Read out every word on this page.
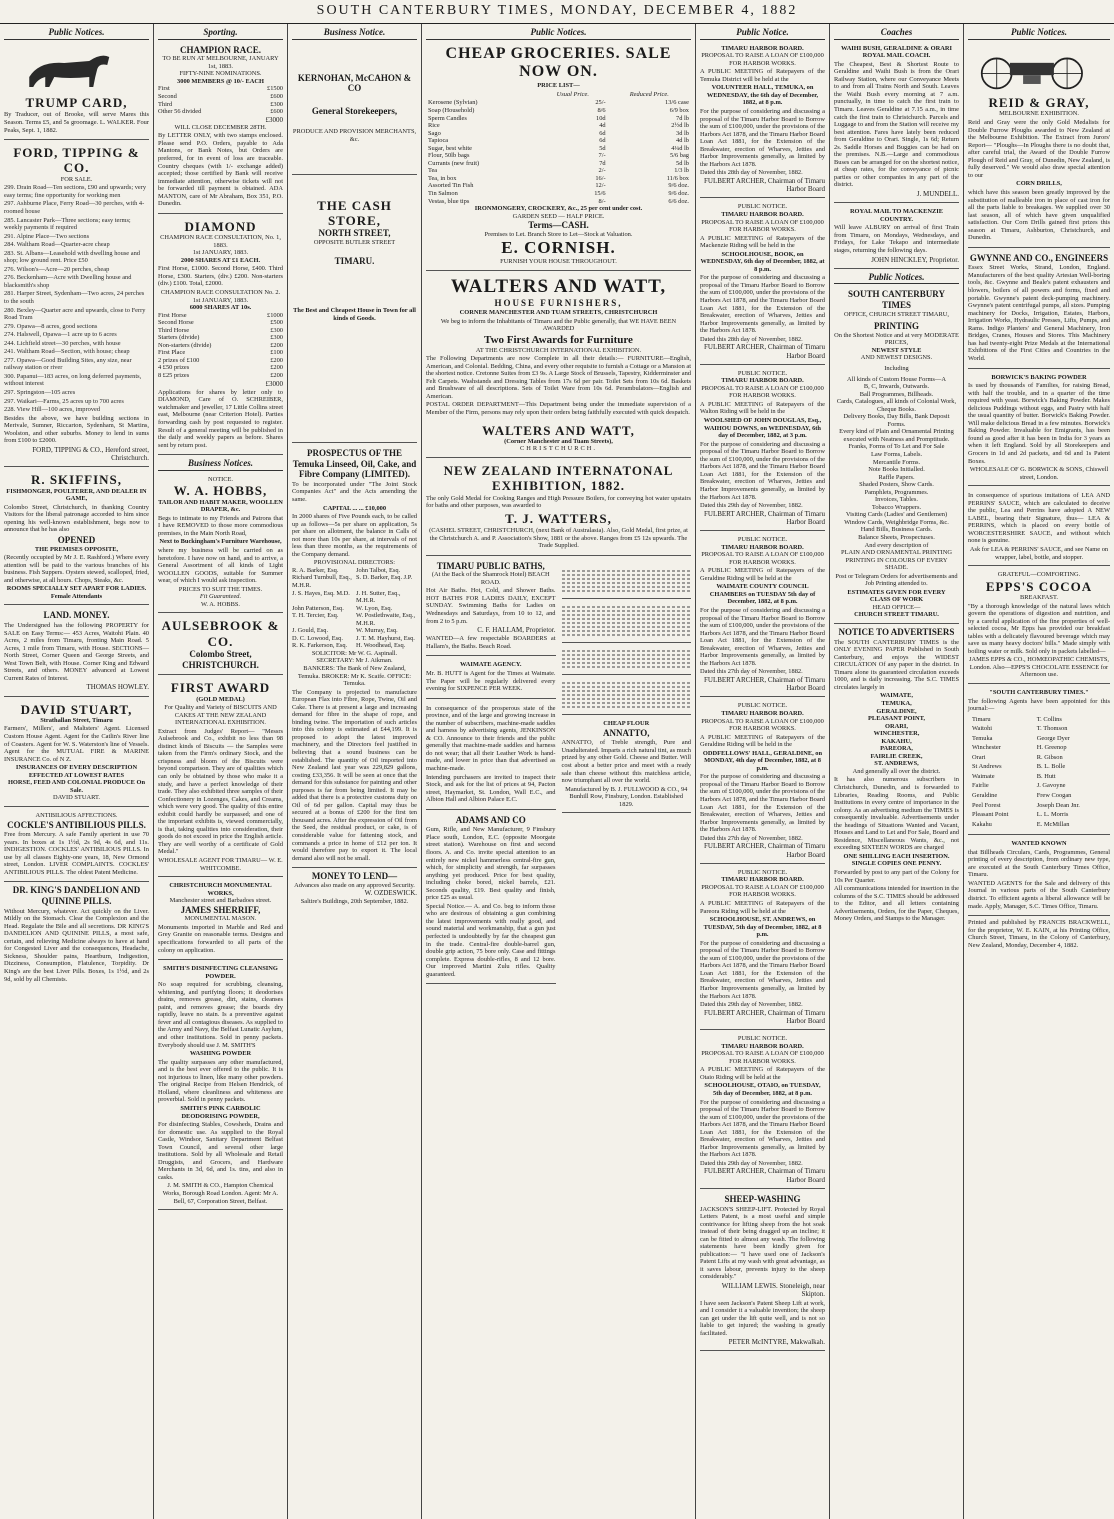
SOUTH CANTERBURY TIMES, MONDAY, DECEMBER 4, 1882
Public Notices.
TRUMP CARD,

By Traducer, out of Brooke, will serve Mares this Season. Terms £5, and 5s groomage. L. WALKER. Four Peaks, Sept. 1, 1882.

FORD, TIPPING & CO.
FOR SALE.
299. Drain Road—Ten sections, £90 and upwards; very easy terms; fine opportunity for working men
297. Ashburne Place, Ferry Road—30 perches, with 4-roomed house
285. Lancaster Park—Three sections; easy terms; weekly payments if required
291. Alpine Place—Two sections
284. Waltham Road—Quarter-acre cheap
283. St. Albans—Leasehold with dwelling house and shop; low ground rent. Price £50
276. Wilson's—Acre—20 perches, cheap
276. Beckenham—Acre with Dwelling house and blacksmith's shop
281. Harper Street, Sydenham—Two acres, 24 perches to the south
280. Bexley—Quarter acre and upwards, close to Ferry Road Tram
279. Opawa—8 acres, good sections
274. Halswell, Opawa—1 acre up to 6 acres
244. Lichfield street—30 perches, with house
241. Waltham Road—Section, with house; cheap
277. Opawa—Good Building Sites, any size, near railway station or river
300. Papanui—183 acres, on long deferred payments, without interest
297. Springston—105 acres
297. Waikari—Farms, 25 acres up to 700 acres
228. View Hill—100 acres, improved

Besides the above, we have building sections in Merivale, Sumner, Riccarton, Sydenham, St Martins, Woolston, and other suburbs. Money to lend in sums from £100 to £2000.

FORD, TIPPING & CO., Hereford street, Christchurch.
R. SKIFFINS,
FISHMONGER, POULTERER, AND DEALER IN GAME,

Colombo Street, Christchurch, in thanking Country Visitors for the liberal patronage accorded to him since opening his well-known establishment, begs now to announce that he has also

OPENED
THE PREMISES OPPOSITE,

(Recently occupied by Mr J. E. Rashford.) Where every attention will be paid to the various branches of his business. Fish Suppers. Oysters stewed, scalloped, fried, and otherwise, at all hours. Chops, Steaks, &c.

ROOMS SPECIALLY SET APART FOR LADIES. Female Attendants
LAND. MONEY.

The Undersigned has the following PROPERTY for SALE on Easy Terms:— 453 Acres, Waitohi Plain. 40 Acres, 2 miles from Timaru, fronting Main Road. 5 Acres, 1 mile from Timaru, with House. SECTIONS—North Street, Corner Queen and George Streets, and West Town Belt, with House. Corner King and Edward Streets, and others. MONEY advanced at Lowest Current Rates of Interest.

THOMAS HOWLEY.
DAVID STUART,
Strathallan Street, Timaru

Farmers', Millers', and Maltsters' Agent. Licensed Custom House Agent. Agent for the Catlin's River line of Coasters. Agent for W. S. Waterston's line of Vessels. Agent for the MUTUAL FIRE & MARINE INSURANCE Co. of N Z.

INSURANCES OF EVERY DESCRIPTION EFFECTED AT LOWEST RATES
HORSE, FEED AND COLONIAL PRODUCE On Sale.
DAVID STUART.
ANTIBILIOUS AFFECTIONS.
COCKLE'S ANTIBILIOUS PILLS.

Free from Mercury. A safe Family aperient in use 70 years. In boxes at 1s 1½d, 2s 9d, 4s 6d, and 11s. INDIGESTION. COCKLES' ANTIBILIOUS PILLS. In use by all classes Eighty-one years, 18, New Ormond street, London. LIVER COMPLAINTS. COCKLES' ANTIBILIOUS PILLS. The oldest Patent Medicine.

DR. KING'S DANDELION AND QUININE PILLS.

Without Mercury, whatever. Act quickly on the Liver. Mildly on the Stomach. Clear the Complexion and the Head. Regulate the Bile and all secretions. DR KING'S DANDELION AND QUININE PILLS, a most safe, certain, and relieving Medicine always to have at hand for Congested Liver and the consequences, Headache, Sickness, Shoulder pains, Heartburn, Indigestion, Dizziness, Consumption, Flatulence, Torpidity. Dr King's are the best Liver Pills. Boxes, 1s 1½d, and 2s 9d, sold by all Chemists.

Sporting.
CHAMPION RACE.
TO BE RUN AT MELBOURNE, JANUARY 1st, 1883.
FIFTY-NINE NOMINATIONS.
3000 MEMBERS @ 10/- EACH
First	£1500
Second	£600
Third	£300
Other 56 divided	£600
£3000
WILL CLOSE DECEMBER 28TH.

By LETTER ONLY, with two stamps enclosed. Please send P.O. Orders, payable to Ada Mantons, or Bank Notes, but Orders are preferred, for in event of loss are traceable. Country cheques (with 1/- exchange added) accepted; those certified by Bank will receive immediate attention, otherwise tickets will not be forwarded till payment is obtained. ADA MANTON, care of Mr Abraham, Box 351, P.O. Dunedin.

DIAMOND
CHAMPION RACE CONSULTATION, No. 1, 1883.
1st JANUARY, 1883.
2000 SHARES AT £1 EACH.

First Horse, £1000. Second Horse, £400. Third Horse, £300. Starters, (div.) £200. Non-starters (div.) £100. Total, £2000.

CHAMPION RACE CONSULTATION No. 2.
1st JANUARY, 1883.
6000 SHARES AT 10s.
First Horse	£1000
Second Horse	£500
Third Horse	£300
Starters (divide)	£300
Non-starters (divide)	£200
First Place	£100
2 prizes of £100	£200
4 £50 prizes	£200
8 £25 prizes	£200
£3000

Applications for shares by letter only to DIAMOND, Care of O. SCHREIBER, watchmaker and jeweller, 17 Little Collins street east, Melbourne (near Criterion Hotel). Parties forwarding cash by post requested to register. Result of a general meeting will be published in the daily and weekly papers as before. Shares sent by return post.

Business Notices.
NOTICE.
W. A. HOBBS,
TAILOR AND HABIT MAKER, WOOLLEN DRAPER, &c.

Begs to intimate to my Friends and Patrons that I have REMOVED to those more commodious premises, in the Main North Road,

Next to Buckingham's Furniture Warehouse,

where my business will be carried on as heretofore. I have now on hand, and to arrive, a General Assortment of all kinds of Light WOOLLEN GOODS, suitable for Summer wear, of which I would ask inspection.

PRICES TO SUIT THE TIMES.
Fit Guaranteed.
W. A. HOBBS.
AULSEBROOK & CO.
Colombo Street,
CHRISTCHURCH.
FIRST AWARD
(GOLD MEDAL)

For Quality and Variety of BISCUITS AND CAKES AT THE NEW ZEALAND INTERNATIONAL EXHIBITION.

Extract from Judges' Report— "Messrs Aulsebrook and Co., exhibit no less than 98 distinct kinds of Biscuits — the Samples were taken from the Firm's ordinary Stock, and the crispness and bloom of the Biscuits were beyond comparison. They are of qualities which can only be obtained by those who make it a study, and have a perfect knowledge of their trade. They also exhibited three samples of their Confectionery in Lozenges, Cakes, and Creams, which were very good. The quality of this entire exhibit could hardly be surpassed; and one of the important exhibits is, viewed commercially, is that, taking qualities into consideration, their goods do not exceed in price the English article. They are well worthy of a certificate of Gold Medal."

WHOLESALE AGENT FOR TIMARU— W. E. WHITCOMBE.
CHRISTCHURCH MONUMENTAL WORKS,
Manchester street and Barbadoes street.
JAMES SHERRIFF,
MONUMENTAL MASON.

Monuments imported in Marble and Red and Grey Granite on reasonable terms. Designs and specifications forwarded to all parts of the colony on application.

SMITH'S DISINFECTING CLEANSING POWDER.

No soap required for scrubbing, cleansing, whitening, and purifying floors; it deodorises drains, removes grease, dirt, stains, cleanses paint, and removes grease; the boards dry rapidly, leave no stain. Is a preventive against fever and all contagious diseases. As supplied to the Army and Navy, the Belfast Lunatic Asylum, and other institutions. Sold in penny packets. Everybody should use J. M. SMITH'S

WASHING POWDER

The quality surpasses any other manufactured, and is the best ever offered to the public. It is not injurious to linen, like many other powders. The original Recipe from Helsen Hendrick, of Holland, where cleanliness and whiteness are proverbial. Sold in penny packets.

SMITH'S PINK CARBOLIC DEODORISING POWDER,

For disinfecting Stables, Cowsheds, Drains and for domestic use. As supplied to the Royal Castle, Windsor, Sanitary Department Belfast Town Council, and several other large institutions. Sold by all Wholesale and Retail Druggists, and Grocers, and Hardware Merchants in 3d, 6d, and 1s. tins, and also in casks.

J. M. SMITH & CO., Hampton Chemical Works, Borough Road London. Agent: Mr A. Bell, 67, Corporation Street, Belfast.
Business Notice.
KERNOHAN, McCAHON & CO
General Storekeepers,
PRODUCE AND PROVISION MERCHANTS, &c.
THE CASH STORE,
NORTH STREET,
OPPOSITE BUTLER STREET
TIMARU.
The Best and Cheapest House in Town for all kinds of Goods.
PROSPECTUS OF THE Temuka Linseed, Oil, Cake, and Fibre Company (LIMITED).

To be incorporated under "The Joint Stock Companies Act" and the Acts amending the same.

CAPITAL ... ... £10,000

In 2000 shares of Five Pounds each, to be called up as follows—5s per share on application, 5s per share on allotment, the balance in Calls of not more than 10s per share, at intervals of not less than three months, as the requirements of the Company demand.

PROVISIONAL DIRECTORS:
R. A. Barker, Esq.	John Talbot, Esq.
Richard Turnbull, Esq., M.H.R.
S. D. Barker, Esq. J.P.
J. S. Hayes, Esq. M.D. J. H. Sutter, Esq., M.H.R.
John Patterson, Esq.	W. Lyon, Esq.
T. H. Tercier, Esq.	W. Postlethwaite, Esq., M.H.R.
J. Gould, Esq.	W. Murray, Esq.
D. C. Lowood, Esq.	J. T. M. Hayhurst, Esq.
R. K. Farkerson, Esq.	H. Woodhead, Esq.
SOLICITOR: Mr W. G. Aspinall.
SECRETARY: Mr J. Aikman.
BANKERS: The Bank of New Zealand, Temuka. BROKER: Mr K. Scaife. OFFICE: Temuka.

The Company is projected to manufacture European Flax into Fibre, Rope, Twine, Oil and Cake. There is at present a large and increasing demand for fibre in the shape of rope, and binding twine. The importation of such articles into this colony is estimated at £44,199. It is proposed to adopt the latest improved machinery, and the Directors feel justified in believing that a sound business can be established. The quantity of Oil imported into New Zealand last year was 229,829 gallons, costing £33,356. It will be seen at once that the demand for this substance for painting and other purposes is far from being limited. It may be added that there is a protective customs duty on Oil of 6d per gallon. Capital may thus be secured at a bonus of £200 for the first ten thousand acres. After the expression of Oil from the Seed, the residual product, or cake, is of considerable value for fattening stock, and commands a price in home of £12 per ton. It would therefore pay to export it. The local demand also will not be small.

MONEY TO LEND—
Advances also made on any approved Security.
W. OZDESWICK.
Saltire's Buildings, 20th September, 1882.
Public Notices.
CHEAP GROCERIES. SALE NOW ON.
PRICE LIST—
	Usual Price.	Reduced Price.
Kerosene (Sylvian)	25/-	13/6 case
Soap (Household)	8/6	6/9 box
Sperm Candles	10d	7d lb
Rice	4d	2½d lb
Sago	6d	3d lb
Tapioca	6d	4d lb
Sugar, best white	5d	4¼d lb
Flour, 50lb bags	7/-	5/6 bag
Currants (new fruit)	7d	5d lb
Tea	2/-	1/3 lb
Tea, in box	16/-	11/6 box
Assorted Tin Fish	12/-	9/6 doz.
Tin Salmon	15/6	9/6 doz.
Vestas, blue tips	8/-	6/6 doz.
IRONMONGERY, CROCKERY, &c., 25 per cent under cost.
GARDEN SEED — HALF PRICE.
Terms—CASH.
Premises to Let. Branch Store to Let—Stock at Valuation.
E. CORNISH.
FURNISH YOUR HOUSE THROUGHOUT.
WALTERS AND WATT,
HOUSE FURNISHERS,
CORNER MANCHESTER AND TUAM STREETS, CHRISTCHURCH

We beg to inform the Inhabitants of Timaru and the Public generally, that WE HAVE BEEN AWARDED

Two First Awards for Furniture
AT THE CHRISTCHURCH INTERNATIONAL EXHIBITION.

The Following Departments are now Complete in all their details:— FURNITURE—English, American, and Colonial. Bedding, China, and every other requisite to furnish a Cottage or a Mansion at the shortest notice. Cretonne Suites from £3 9s. A Large Stock of Brussels, Tapestry, Kidderminster and Felt Carpets. Washstands and Dressing Tables from 17s 6d per pair. Toilet Sets from 10s 6d. Baskets and Brushware of all descriptions. Sets of Toilet Ware from 10s 6d. Perambulators—English and American.

POSTAL ORDER DEPARTMENT—This Department being under the immediate supervision of a Member of the Firm, persons may rely upon their orders being faithfully executed with quick despatch.

WALTERS AND WATT,
(Corner Manchester and Tuam Streets),
CHRISTCHURCH.
NEW ZEALAND INTERNATONAL EXHIBITION, 1882.

The only Gold Medal for Cooking Ranges and High Pressure Boilers, for conveying hot water upstairs for baths and other purposes, was awarded to

T. J. WATTERS,

(CASHEL STREET, CHRISTCHURCH, (next Bank of Australasia). Also, Gold Medal, first prize, at the Christchurch A. and P. Association's Show, 1881 or the above. Ranges from £5 12s upwards. The Trade Supplied.

TIMARU PUBLIC BATHS,
(At the Back of the Shamrock Hotel) BEACH ROAD.

Hot Air Baths. Hot, Cold, and Shower Baths. HOT BATHS FOR LADIES DAILY, EXCEPT SUNDAY. Swimming Baths for Ladies on Wednesdays and Saturdays, from 10 to 12, and from 2 to 5 p.m.

C. F. HALLAM, Proprietor.

WANTED—A few respectable BOARDERS at Hallam's, the Baths. Beach Road.

WAIMATE AGENCY.

Mr. B. HUTT is Agent for the Times at Waimate. The Paper will be regularly delivered every evening for SIXPENCE PER WEEK.

In consequence of the prosperous state of the province, and of the large and growing increase in the number of subscribers, machine-made saddles and harness by advertising agents, JENKINSON & CO. Announce to their friends and the public generally that machine-made saddles and harness do not wear; that all their Leather Work is hand-made, and lower in price than that advertised as machine-made.

Intending purchasers are invited to inspect their Stock, and ask for the list of prices at 94, Pacton street, Haymarket, St. London, Wall E.C., and Albion Hall and Albion Palace E.C.

ADAMS AND CO

Gum, Rifle, and New Manufacturer, 9 Finsbury Place south, London, E.C. (opposite Moorgate street station). Warehouse on first and second floors. A. and Co. invite special attention to an entirely new nickel hammerless central-fire gun, which, for simplicity and strength, far surpasses anything yet produced. Price for best quality, including choke bored, nickel barrels, £21. Seconds quality, £19. Best quality and finish, price £25 as usual.

Special Notice.— A. and Co. beg to inform those who are desirous of obtaining a gun combining the latest improvements with really good, and sound material and workmanship, that a gun just perfected is undoubtedly by far the cheapest gun in the trade. Central-fire double-barrel gun, double grip action, 75 bore only. Case and fittings complete. Express double-rifles, 8 and 12 bore. Our improved Martini Zulu rifles. Quality guaranteed.

CHEAP FLOUR
ANNATTO,

ANNATTO, of Treble strength, Pure and Unadulterated. Imparts a rich natural tint, as much prized by any other Gold. Cheese and Butter. Will cost about a better price and meet with a ready sale than cheese without this matchless article, now triumphant all over the world.

Manufactured by B. J. FULLWOOD & CO., 94 Bunhill Row, Finsbury, London. Established 1829.
Public Notice.
TIMARU HARBOR BOARD.
PROPOSAL TO RAISE A LOAN OF £100,000 FOR HARBOR WORKS.

A PUBLIC MEETING of Ratepayers of the Temuka District will be held at the

VOLUNTEER HALL, TEMUKA, on WEDNESDAY, the 6th day of December, 1882, at 8 p.m.

For the purpose of considering and discussing a proposal of the Timaru Harbor Board to Borrow the sum of £100,000, under the provisions of the Harbors Act 1878, and the Timaru Harbor Board Loan Act 1881, for the Extension of the Breakwater, erection of Wharves, Jetties and Harbor Improvements generally, as limited by the Harbors Act 1878.

Dated this 28th day of November, 1882.
FULBERT ARCHER, Chairman of Timaru Harbor Board
PUBLIC NOTICE.
TIMARU HARBOR BOARD.
PROPOSAL TO RAISE A LOAN OF £100,000 FOR HARBOR WORKS.

A PUBLIC MEETING of Ratepayers of the Mackenzie Riding will be held in the

SCHOOLHOUSE, BOOK, on WEDNESDAY, 6th day of December, 1882, at 8 p.m.

For the purpose of considering and discussing a proposal of the Timaru Harbor Board to Borrow the sum of £100,000, under the provisions of the Harbors Act 1878, and the Timaru Harbor Board Loan Act 1881, for the Extension of the Breakwater, erection of Wharves, Jetties and Harbor Improvements generally, as limited by the Harbors Act 1878.

Dated this 28th day of November, 1882.
FULBERT ARCHER, Chairman of Timaru Harbor Board
PUBLIC NOTICE.
TIMARU HARBOR BOARD.
PROPOSAL TO RAISE A LOAN OF £100,000 FOR HARBOR WORKS.

A PUBLIC MEETING of Ratepayers of the Walton Riding will be held in the

WOOLSHED OF JOHN DOUGLAS, Esq., WAIHOU DOWNS, on WEDNESDAY, 6th day of December, 1882, at 3 p.m.

For the purpose of considering and discussing a proposal of the Timaru Harbor Board to Borrow the sum of £100,000, under the provisions of the Harbors Act 1878, and the Timaru Harbor Board Loan Act 1881, for the Extension of the Breakwater, erection of Wharves, Jetties and Harbor Improvements generally, as limited by the Harbors Act 1878.

Dated this 29th day of November, 1882.
FULBERT ARCHER, Chairman of Timaru Harbor Board
PUBLIC NOTICE.
TIMARU HARBOR BOARD.
PROPOSAL TO RAISE A LOAN OF £100,000 FOR HARBOR WORKS.

A PUBLIC MEETING of Ratepayers of the Geraldine Riding will be held at the

WAIMATE COUNTY COUNCIL CHAMBERS on TUESDAY 5th day of December, 1882, at 8 p.m.

For the purpose of considering and discussing a proposal of the Timaru Harbor Board to Borrow the sum of £100,000, under the provisions of the Harbors Act 1878, and the Timaru Harbor Board Loan Act 1881, for the Extension of the Breakwater, erection of Wharves, Jetties and Harbor Improvements generally, as limited by the Harbors Act 1878.

Dated this 27th day of November, 1882.
FULBERT ARCHER, Chairman of Timaru Harbor Board
PUBLIC NOTICE.
TIMARU HARBOR BOARD.
PROPOSAL TO RAISE A LOAN OF £100,000 FOR HARBOR WORKS.

A PUBLIC MEETING of Ratepayers of the Geraldine Riding will be held in the

ODDFELLOWS' HALL, GERALDINE, on MONDAY, 4th day of December, 1882, at 8 p.m.

For the purpose of considering and discussing a proposal of the Timaru Harbor Board to Borrow the sum of £100,000, under the provisions of the Harbors Act 1878, and the Timaru Harbor Board Loan Act 1881, for the Extension of the Breakwater, erection of Wharves, Jetties and Harbor Improvements generally, as limited by the Harbors Act 1878.

Dated this 27th day of November, 1882.
FULBERT ARCHER, Chairman of Timaru Harbor Board
PUBLIC NOTICE.
TIMARU HARBOR BOARD.
PROPOSAL TO RAISE A LOAN OF £100,000 FOR HARBOR WORKS.

A PUBLIC MEETING of Ratepayers of the Pareora Riding will be held at the

SCHOOLHOUSE, ST. ANDREWS, on TUESDAY, 5th day of December, 1882, at 8 p.m.

For the purpose of considering and discussing a proposal of the Timaru Harbor Board to Borrow the sum of £100,000, under the provisions of the Harbors Act 1878, and the Timaru Harbor Board Loan Act 1881, for the Extension of the Breakwater, erection of Wharves, Jetties and Harbor Improvements generally, as limited by the Harbors Act 1878.

Dated this 29th day of November, 1882.
FULBERT ARCHER, Chairman of Timaru Harbor Board
PUBLIC NOTICE.
TIMARU HARBOR BOARD.
PROPOSAL TO RAISE A LOAN OF £100,000 FOR HARBOR WORKS.

A PUBLIC MEETING of Ratepayers of the Otaio Riding will be held at the

SCHOOLHOUSE, OTAIO, on TUESDAY, 5th day of December, 1882, at 8 p.m.

For the purpose of considering and discussing a proposal of the Timaru Harbor Board to Borrow the sum of £100,000, under the provisions of the Harbors Act 1878, and the Timaru Harbor Board Loan Act 1881, for the Extension of the Breakwater, erection of Wharves, Jetties and Harbor Improvements generally, as limited by the Harbors Act 1878.

Dated this 29th day of November, 1882.
FULBERT ARCHER, Chairman of Timaru Harbor Board
SHEEP-WASHING

JACKSON'S SHEEP-LIFT. Protected by Royal Letters Patent, is a most useful and simple contrivance for lifting sheep from the hot soak instead of their being dragged up an incline; it can be fitted to almost any wash. The following statements have been kindly given for publication:— "I have used one of Jackson's Patent Lifts at my wash with great advantage, as it saves labour, prevents injury to the sheep considerably."

WILLIAM LEWIS. Stoneleigh, near Skipton.

I have seen Jackson's Patent Sheep Lift at work, and I consider it a valuable invention; the sheep can get under the lift quite well, and is not so liable to get injured; the washing is greatly facilitated.

PETER McINTYRE, Makwalkah.
Coaches
WAIHI BUSH, GERALDINE & ORARI ROYAL MAIL COACH.

The Cheapest, Best & Shortest Route to Geraldine and Waihi Bush is from the Orari Railway Station, where our Conveyance Meets to and from all Trains North and South. Leaves the Waihi Bush every morning at 7 a.m. punctually, in time to catch the first train to Timaru. Leaves Geraldine at 7.15 a.m., in time catch the first train to Christchurch. Parcels and Luggage to and from the Station will receive my best attention. Fares have lately been reduced from Geraldine to Orari. Single, 1s 6d; Return 2s. Saddle Horses and Buggies can be had on the premises. N.B.—Large and commodious Buses can be arranged for on the shortest notice, at cheap rates, for the conveyance of picnic parties or other companies in any part of the district.

J. MUNDELL.
ROYAL MAIL TO MACKENZIE COUNTRY.

Will leave ALBURY on arrival of first Train from Timaru, on Mondays, Wednesdays, and Fridays, for Lake Tekapo and intermediate stages, returning the following days.

JOHN HINCKLEY, Proprietor.
Public Notices.
SOUTH CANTERBURY TIMES
OFFICE, CHURCH STREET TIMARU,
PRINTING
On the Shortest Notice and at very MODERATE PRICES,
NEWEST STYLE
AND NEWEST DESIGNS.
Including
All kinds of Custom House Forms—A
B, C, Inwards, Outwards.
Ball Programmes, Billheads.
Cards, Catalogues, all kinds of Colonial Work, Cheque Books.
Delivery Books, Day Bills, Bank Deposit Forms.
Every kind of Plain and Ornamental Printing executed with Neatness and Promptitude.
Franks, Forms of To Let and For Sale
Law Forms, Labels.
Mercantile Forms.
Note Books Initialled.
Raffle Papers.
Shaded Posters, Show Cards.
Pamphlets, Programmes.
Invoices, Tables.
Tobacco Wrappers.
Visiting Cards (Ladies' and Gentlemen)
Window Cards, Weighbridge Forms, &c.
Hand Bills, Business Cards.
Balance Sheets, Prospectuses.
And every description of
PLAIN AND ORNAMENTAL PRINTING
PRINTING IN COLOURS OF EVERY
SHADE.

Post or Telegram Orders for advertisements and Job Printing attended to.

ESTIMATES GIVEN FOR EVERY
CLASS OF WORK
HEAD OFFICE—
CHURCH STREET TIMARU.
NOTICE TO ADVERTISERS

The SOUTH CANTERBURY TIMES is the ONLY EVENING PAPER Published in South Canterbury, and enjoys the WIDEST CIRCULATION Of any paper in the district. In Timaru alone its guaranteed circulation exceeds 1000, and is daily increasing. The S.C. TIMES circulates largely in

WAIMATE,
TEMUKA,
GERALDINE,
PLEASANT POINT,
ORARI,
WINCHESTER,
KAKAHU,
PAREORA,
FAIRLIE CREEK,
ST. ANDREWS,
And generally all over the district.

It has also numerous subscribers in Christchurch, Dunedin, and is forwarded to Libraries, Reading Rooms, and Public Institutions in every centre of importance in the colony. As an advertising medium the TIMES is consequently invaluable. Advertisements under the headings of Situations Wanted and Vacant, Houses and Land to Let and For Sale, Board and Residence, Miscellaneous Wants, &c., not exceeding SIXTEEN WORDS are charged

ONE SHILLING EACH INSERTION.
SINGLE COPIES ONE PENNY.

Forwarded by post to any part of the Colony for 10s Per Quarter.

All communications intended for insertion in the columns of the S.C. TIMES should be addressed to the Editor, and all letters containing Advertisements, Orders, for the Paper, Cheques, Money Orders, and Stamps to the Manager.

Public Notices.
REID & GRAY,
MELBOURNE EXHIBITION.

Reid and Gray were the only Gold Medalists for Double Furrow Ploughs awarded to New Zealand at the Melbourne Exhibition. The Extract from Jurors' Report— "Ploughs—In Ploughs there is no doubt that, after careful trial, the Award of the Double Furrow Plough of Reid and Gray, of Dunedin, New Zealand, is fully deserved." We would also draw special attention to our

CORN DRILLS,

which have this season been greatly improved by the substitution of malleable iron in place of cast iron for all the parts liable to breakages. We supplied over 30 last season, all of which have given unqualified satisfaction. Our Corn Drills gained first prizes this season at Timaru, Ashburton, Christchurch, and Dunedin.

GWYNNE AND CO., ENGINEERS

Essex Street Works, Strand, London, England. Manufacturers of the best quality Artesian Well-boring tools, &c. Gwynne and Beale's patent exhausters and blowers, boilers of all powers and forms, fixed and portable. Gwynne's patent deck-pumping machinery. Gwynne's patent centrifugal pumps, all sizes. Pumping machinery for Docks, Irrigation, Estates, Harbors, Irrigation Works, Hydraulic Presses, Lifts, Pumps, and Rams. Indigo Planters' and General Machinery, Iron Bridges, Cranes, Houses and Stores. This Machinery has had twenty-eight Prize Medals at the International Exhibitions of the First Cities and Countries in the World.

BORWICK'S BAKING POWDER

Is used by thousands of Families, for raising Bread, with half the trouble, and in a quarter of the time required with yeast. Borwick's Baking Powder. Makes delicious Puddings without eggs, and Pastry with half the usual quantity of butter. Borwick's Baking Powder. Will make delicious Bread in a few minutes. Borwick's Baking Powder. Invaluable for Emigrants, has been found as good after it has been in India for 3 years as when it left England. Sold by all Storekeepers and Grocers in 1d and 2d packets, and 6d and 1s Patent Boxes.

WHOLESALE OF G. BORWICK & SONS, Chiswell street, London.

In consequence of spurious imitations of LEA AND PERRINS' SAUCE, which are calculated to deceive the public, Lea and Perrins have adopted A NEW LABEL, bearing their Signature, thus— LEA & PERRINS, which is placed on every bottle of WORCESTERSHIRE SAUCE, and without which none is genuine.

Ask for LEA & PERRINS' SAUCE, and see Name on wrapper, label, bottle, and stopper.
GRATEFUL—COMFORTING.
EPPS'S COCOA
BREAKFAST.

"By a thorough knowledge of the natural laws which govern the operations of digestion and nutrition, and by a careful application of the fine properties of well-selected cocoa, Mr Epps has provided our breakfast tables with a delicately flavoured beverage which may save us many heavy doctors' bills." Made simply with boiling water or milk. Sold only in packets labelled—

JAMES EPPS & CO., HOMŒOPATHIC CHEMISTS, London. Also—EPPS'S CHOCOLATE ESSENCE for Afternoon use.
"SOUTH CANTERBURY TIMES."

The following Agents have been appointed for this journal:—

Timaru	T. Collins
Waitohi	T. Thomson
Temuka	George Dyer
Winchester	H. Greenop
Orari	R. Gibson
St Andrews	B. L. Bolle
Waimate	B. Hutt
Fairlie	J. Gavoyne
Geraldine	Frew Coogan
Peel Forest	Joseph Dean Jnr.
Pleasant Point	L. L. Morris
Kakahu	E. McMillan
WANTED KNOWN

that Billheads Circulars, Cards, Programmes, General printing of every description, from ordinary new type, are executed at the South Canterbury Times Office, Timaru.

WANTED AGENTS for the Sale and delivery of this Journal in various parts of the South Canterbury district. To efficient agents a liberal allowance will be made. Apply, Manager, S.C. Times Office, Timaru.

Printed and published by FRANCIS BRACKWELL, for the proprietor, W. E. KAIN, at his Printing Office, Church Street, Timaru, in the Colony of Canterbury, New Zealand, Monday, December 4, 1882.
